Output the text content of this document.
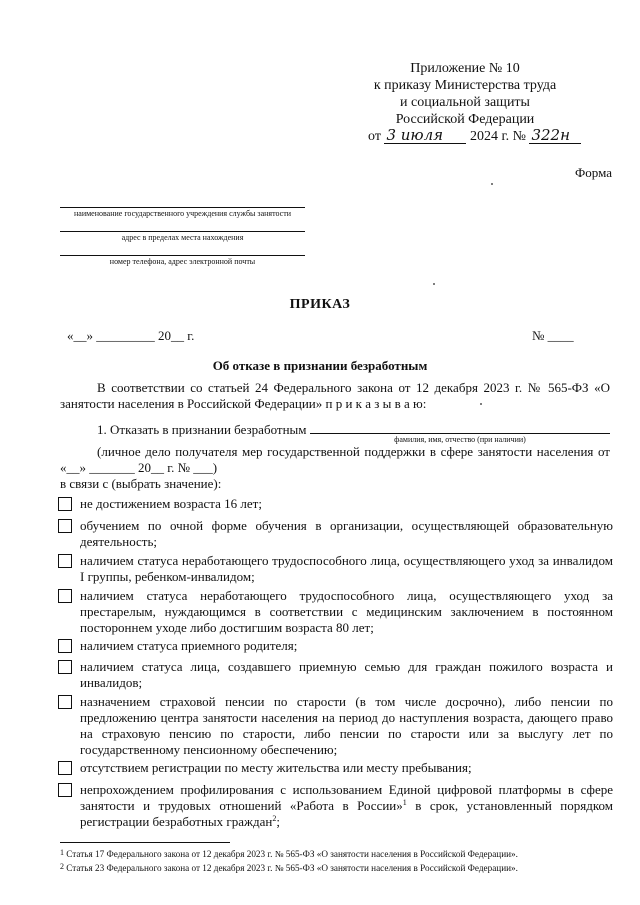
Приложение № 10
к приказу Министерства труда
и социальной защиты
Российской Федерации
от 3 июля 2024 г. № 322н
Форма
наименование государственного учреждения службы занятости
адрес в пределах места нахождения
номер телефона, адрес электронной почты
ПРИКАЗ
«__» _________ 20__ г.	№ ____
Об отказе в признании безработным
В соответствии со статьей 24 Федерального закона от 12 декабря 2023 г. № 565-ФЗ «О занятости населения в Российской Федерации» п р и к а з ы в а ю:
1. Отказать в признании безработным
фамилия, имя, отчество (при наличии)
(личное дело получателя мер государственной поддержки в сфере занятости населения от «__» _______ 20__ г. № ___)
в связи с (выбрать значение):
не достижением возраста 16 лет;
обучением по очной форме обучения в организации, осуществляющей образовательную деятельность;
наличием статуса неработающего трудоспособного лица, осуществляющего уход за инвалидом I группы, ребенком-инвалидом;
наличием статуса неработающего трудоспособного лица, осуществляющего уход за престарелым, нуждающимся в соответствии с медицинским заключением в постоянном постороннем уходе либо достигшим возраста 80 лет;
наличием статуса приемного родителя;
наличием статуса лица, создавшего приемную семью для граждан пожилого возраста и инвалидов;
назначением страховой пенсии по старости (в том числе досрочно), либо пенсии по предложению центра занятости населения на период до наступления возраста, дающего право на страховую пенсию по старости, либо пенсии по старости или за выслугу лет по государственному пенсионному обеспечению;
отсутствием регистрации по месту жительства или месту пребывания;
непрохождением профилирования с использованием Единой цифровой платформы в сфере занятости и трудовых отношений «Работа в России»$^1$ в срок, установленный порядком регистрации безработных граждан$^2$;
1 Статья 17 Федерального закона от 12 декабря 2023 г. № 565-ФЗ «О занятости населения в Российской Федерации».
2 Статья 23 Федерального закона от 12 декабря 2023 г. № 565-ФЗ «О занятости населения в Российской Федерации».
